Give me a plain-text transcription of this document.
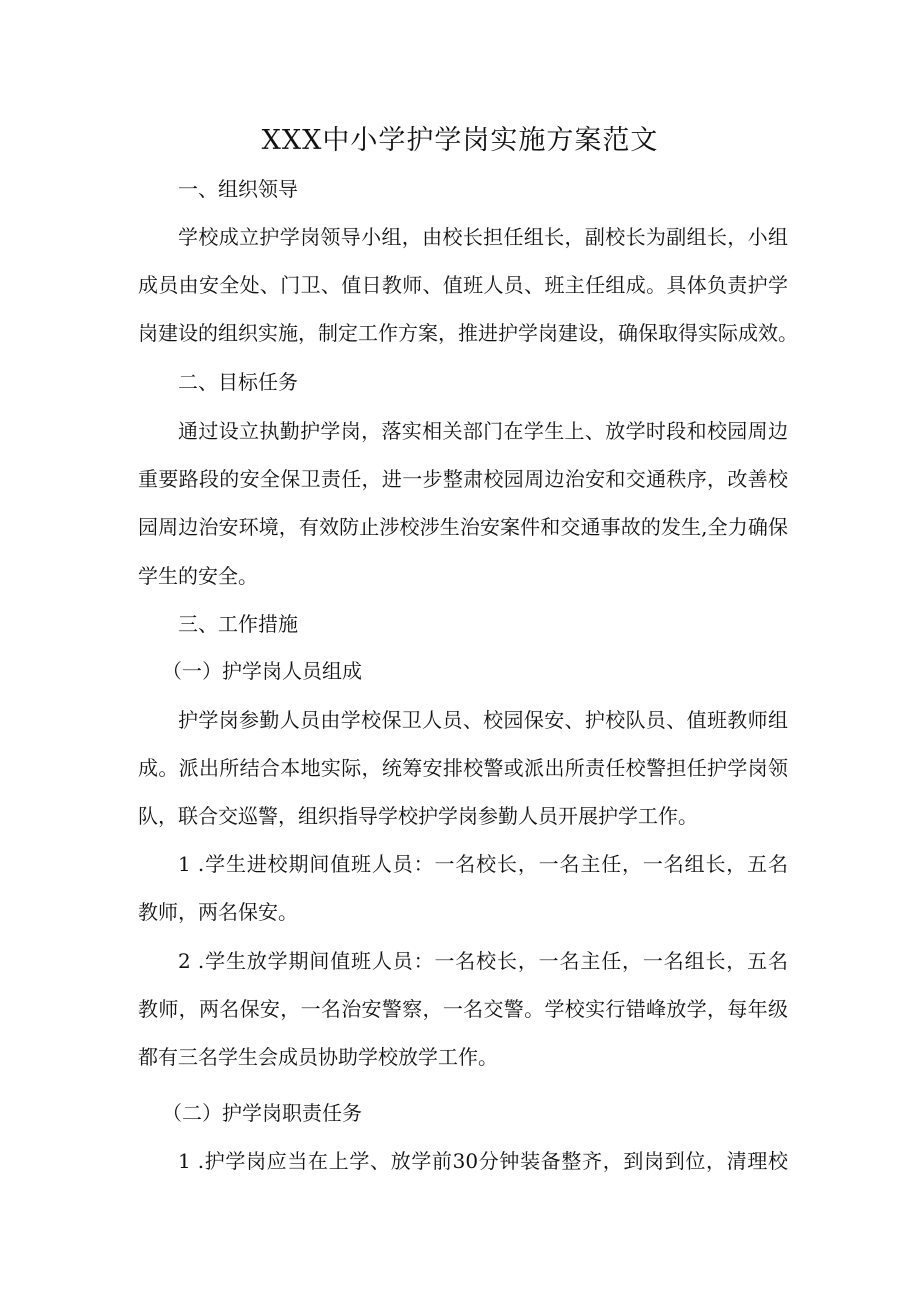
XXX中小学护学岗实施方案范文

一、组织领导

学校成立护学岗领导小组，由校长担任组长，副校长为副组长，小组

成员由安全处、门卫、值日教师、值班人员、班主任组成。具体负责护学

岗建设的组织实施，制定工作方案，推进护学岗建设，确保取得实际成效。

二、目标任务

通过设立执勤护学岗，落实相关部门在学生上、放学时段和校园周边

重要路段的安全保卫责任，进一步整肃校园周边治安和交通秩序，改善校

园周边治安环境，有效防止涉校涉生治安案件和交通事故的发生,全力确保

学生的安全。

三、工作措施

（一）护学岗人员组成

护学岗参勤人员由学校保卫人员、校园保安、护校队员、值班教师组

成。派出所结合本地实际，统筹安排校警或派出所责任校警担任护学岗领

队，联合交巡警，组织指导学校护学岗参勤人员开展护学工作。

1 .学生进校期间值班人员：一名校长，一名主任，一名组长，五名

教师，两名保安。

2 .学生放学期间值班人员：一名校长，一名主任，一名组长，五名

教师，两名保安，一名治安警察，一名交警。学校实行错峰放学，每年级

都有三名学生会成员协助学校放学工作。

（二）护学岗职责任务

1 .护学岗应当在上学、放学前30分钟装备整齐，到岗到位，清理校
